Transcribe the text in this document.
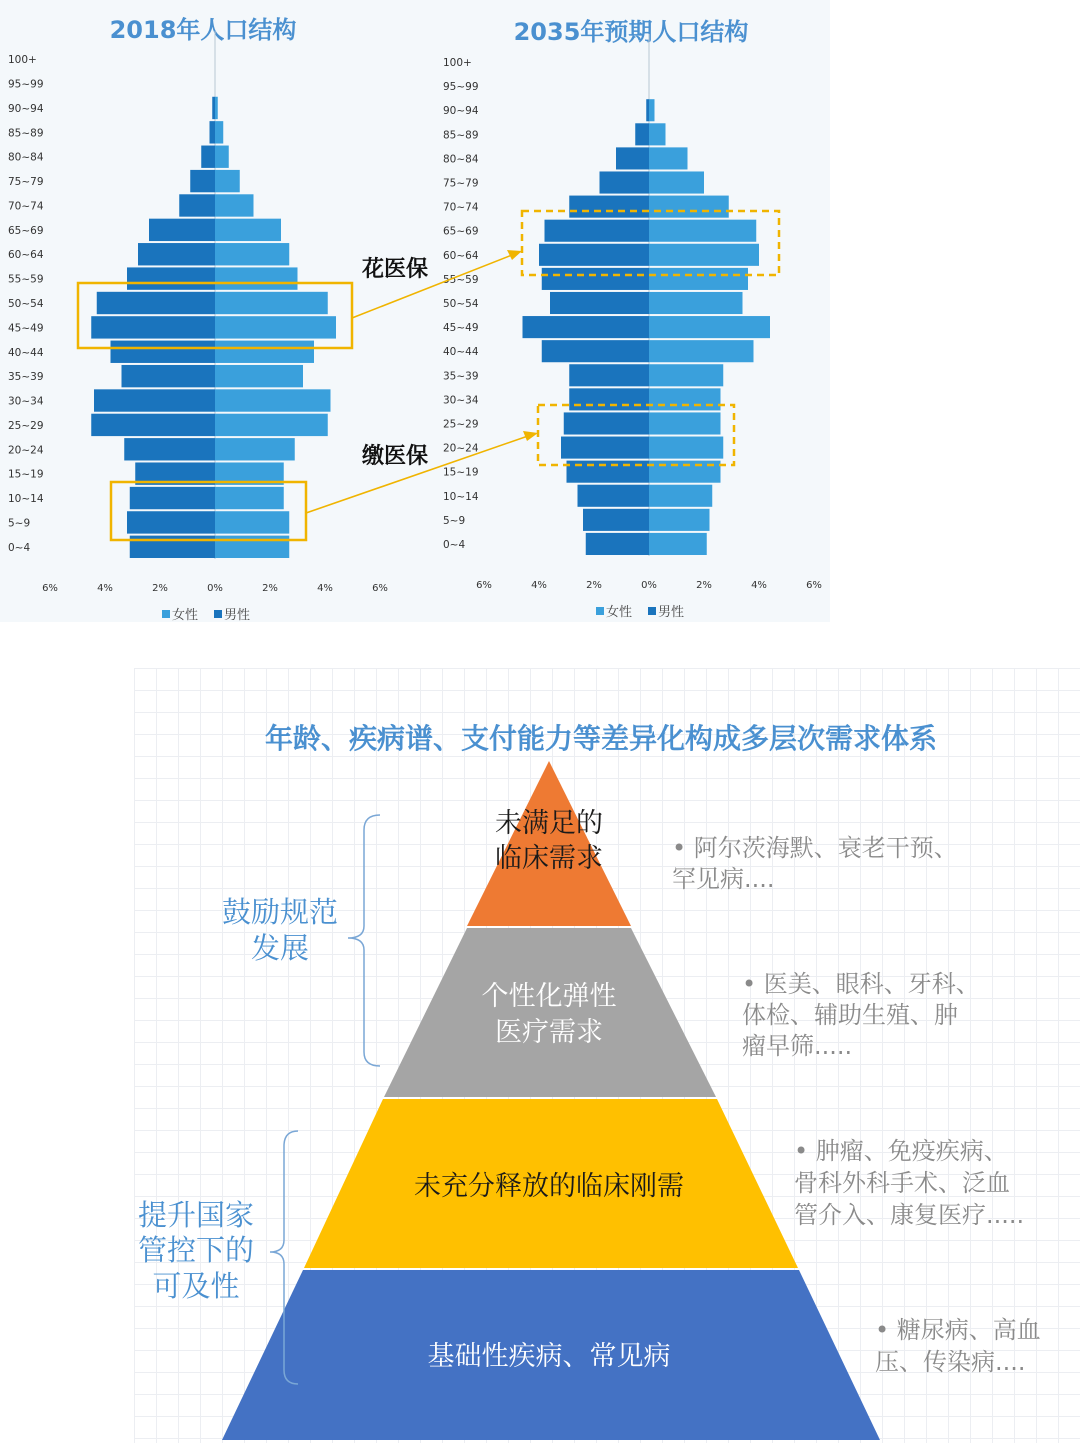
2018年人口结构	2035年预期人口结构
0~4
5~9
10~14
15~19
20~24
25~29
30~34
35~39
40~44
45~49
50~54
55~59
60~64
65~69
70~74
75~79
80~84
85~89
90~94
95~99
100+
6%	4%	2%	0%	2%	4%	6%
女性 男性
0~4
5~9
10~14
15~19
20~24
25~29
30~34
35~39
40~44
45~49
50~54
55~59
60~64
65~69
70~74
75~79
80~84
85~89
90~94
95~99
100+
6%	4%	2%	0%	2%	4%	6%
女性 男性
花医保
缴医保
年龄、疾病谱、支付能力等差异化构成多层次需求体系
未满足的
临床需求
个性化弹性
医疗需求
未充分释放的临床刚需
基础性疾病、常见病
鼓励规范
发展
提升国家
管控下的
可及性
• 阿尔茨海默、衰老干预、
罕见病....
• 医美、眼科、牙科、
体检、辅助生殖、肿
瘤早筛.....
• 肿瘤、免疫疾病、
骨科外科手术、泛血
管介入、康复医疗.....
• 糖尿病、高血
压、传染病....
